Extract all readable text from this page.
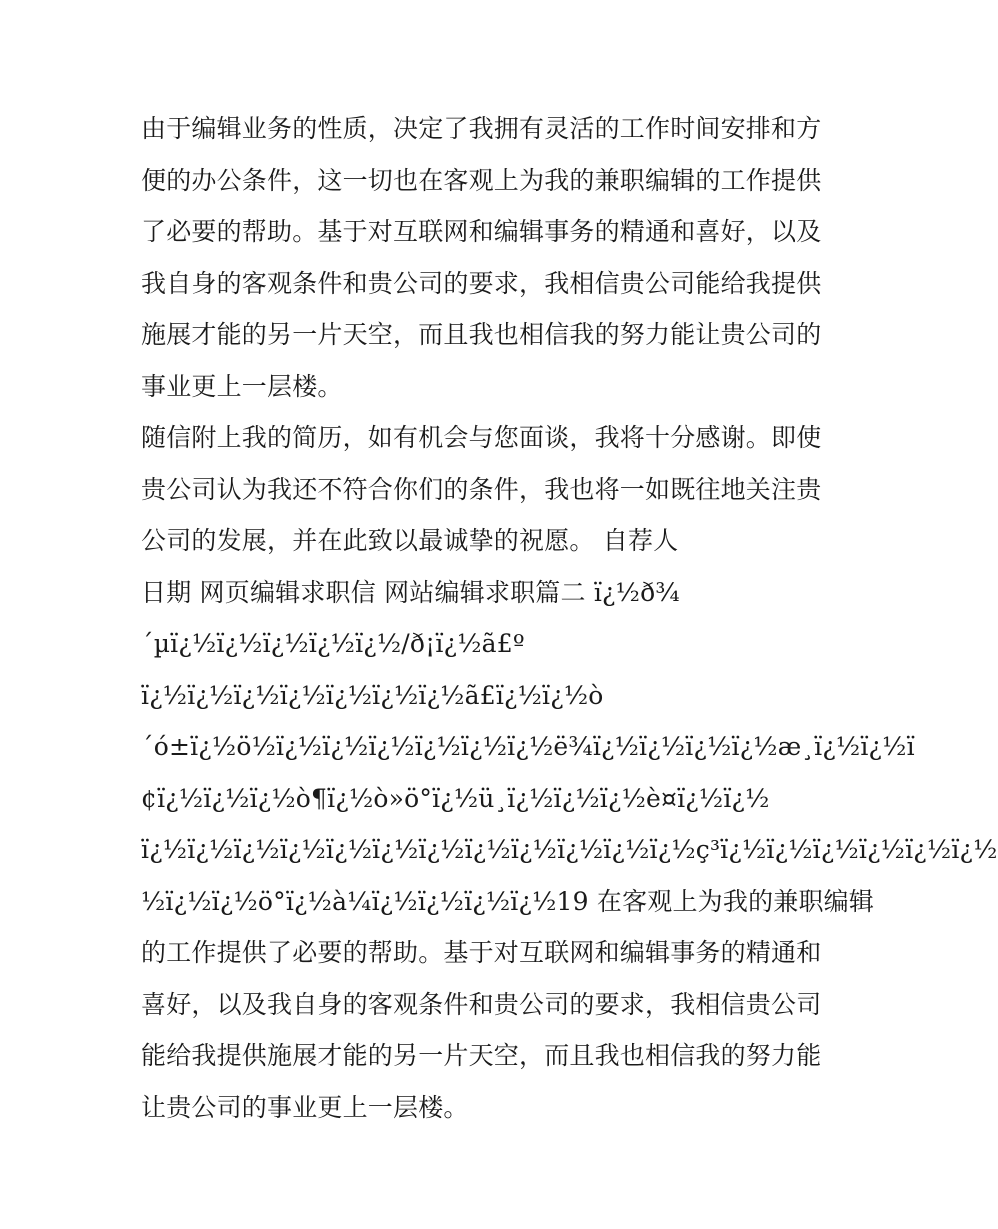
由于编辑业务的性质，决定了我拥有灵活的工作时间安排和方
便的办公条件，这一切也在客观上为我的兼职编辑的工作提供
了必要的帮助。基于对互联网和编辑事务的精通和喜好，以及
我自身的客观条件和贵公司的要求，我相信贵公司能给我提供
施展才能的另一片天空，而且我也相信我的努力能让贵公司的
事业更上一层楼。
随信附上我的简历，如有机会与您面谈，我将十分感谢。即使
贵公司认为我还不符合你们的条件，我也将一如既往地关注贵
公司的发展，并在此致以最诚挚的祝愿。 自荐人
日期 网页编辑求职信 网站编辑求职篇二 ï¿½ð¾
´µï¿½ï¿½ï¿½ï¿½ï¿½/ð¡ï¿½ã£º
ï¿½ï¿½ï¿½ï¿½ï¿½ï¿½ï¿½ã£ï¿½ï¿½ò
´ó±ï¿½ö½ï¿½ï¿½ï¿½ï¿½ï¿½ï¿½ë¾ï¿½ï¿½ï¿½ï¿½æ¸ï¿½ï¿½ï
¢ï¿½ï¿½ï¿½ò¶ï¿½ò»ö°ï¿½ü¸ï¿½ï¿½ï¿½è¤ï¿½ï¿½
ï¿½ï¿½ï¿½ï¿½ï¿½ï¿½ï¿½ï¿½ï¿½ï¿½ï¿½ï¿½ç³ï¿½ï¿½ï¿½ï¿½ï¿½ï¿½
½ï¿½ï¿½ö°ï¿½à¼ï¿½ï¿½ï¿½ï¿½19 在客观上为我的兼职编辑
的工作提供了必要的帮助。基于对互联网和编辑事务的精通和
喜好，以及我自身的客观条件和贵公司的要求，我相信贵公司
能给我提供施展才能的另一片天空，而且我也相信我的努力能
让贵公司的事业更上一层楼。
